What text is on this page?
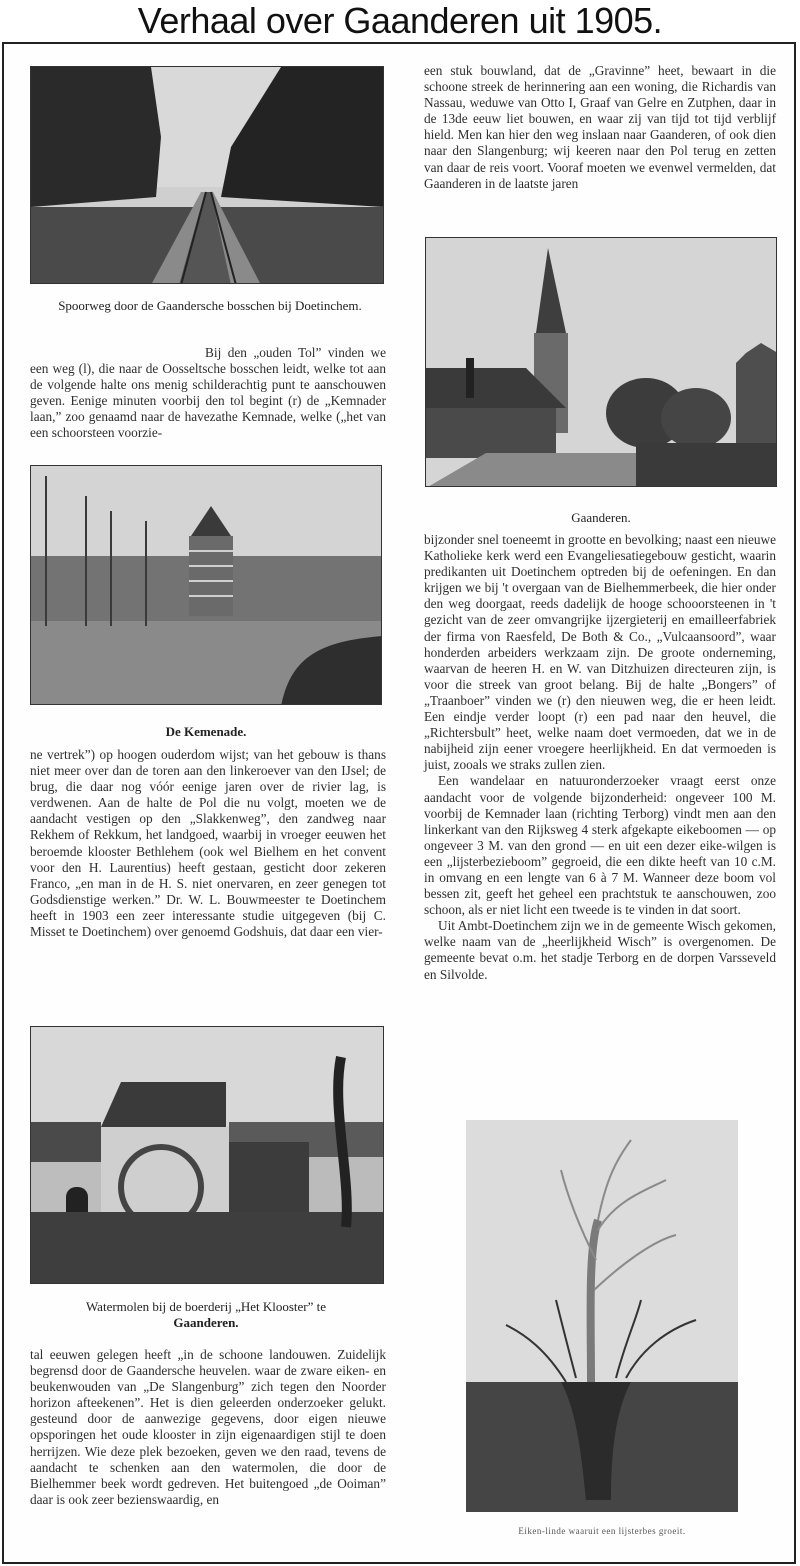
Verhaal over Gaanderen uit 1905.
Spoorweg door de Gaandersche bosschen bij Doetinchem.

Bij den „ouden Tol” vinden we een weg (l), die naar de Oosseltsche bosschen leidt, welke tot aan de volgende halte ons menig schilderachtig punt te aanschouwen geven. Eenige minuten voorbij den tol begint (r) de „Kemnader laan,” zoo genaamd naar de havezathe Kemnade, welke („het van een schoorsteen voorzie-

De Kemenade.

ne vertrek”) op hoogen ouderdom wijst; van het gebouw is thans niet meer over dan de toren aan den linkeroever van den IJsel; de brug, die daar nog vóór eenige jaren over de rivier lag, is verdwenen. Aan de halte de Pol die nu volgt, moeten we de aandacht vestigen op den „Slakkenweg”, den zandweg naar Rekhem of Rekkum, het landgoed, waarbij in vroeger eeuwen het beroemde klooster Bethlehem (ook wel Bielhem en het convent voor den H. Laurentius) heeft gestaan, gesticht door zekeren Franco, „en man in de H. S. niet onervaren, en zeer genegen tot Godsdienstige werken.” Dr. W. L. Bouwmeester te Doetinchem heeft in 1903 een zeer interessante studie uitgegeven (bij C. Misset te Doetinchem) over genoemd Godshuis, dat daar een vier-

Watermolen bij de boerderij „Het Klooster” te
Gaanderen.

tal eeuwen gelegen heeft „in de schoone landouwen. Zuidelijk begrensd door de Gaandersche heuvelen. waar de zware eiken- en beukenwouden van „De Slangenburg” zich tegen den Noorder horizon afteekenen”. Het is dien geleerden onderzoeker gelukt. gesteund door de aanwezige gegevens, door eigen nieuwe opsporingen het oude klooster in zijn eigenaardigen stijl te doen herrijzen. Wie deze plek bezoeken, geven we den raad, tevens de aandacht te schenken aan den watermolen, die door de Bielhemmer beek wordt gedreven. Het buitengoed „de Ooiman” daar is ook zeer bezienswaardig, en

een stuk bouwland, dat de „Gravinne” heet, bewaart in die schoone streek de herinnering aan een woning, die Richardis van Nassau, weduwe van Otto I, Graaf van Gelre en Zutphen, daar in de 13de eeuw liet bouwen, en waar zij van tijd tot tijd verblijf hield. Men kan hier den weg inslaan naar Gaanderen, of ook dien naar den Slangenburg; wij keeren naar den Pol terug en zetten van daar de reis voort. Vooraf moeten we evenwel vermelden, dat Gaanderen in de laatste jaren

Gaanderen.

bijzonder snel toeneemt in grootte en bevolking; naast een nieuwe Katholieke kerk werd een Evangeliesatiegebouw gesticht, waarin predikanten uit Doetinchem optreden bij de oefeningen. En dan krijgen we bij 't overgaan van de Bielhemmerbeek, die hier onder den weg doorgaat, reeds dadelijk de hooge schooorsteenen in 't gezicht van de zeer omvangrijke ijzergieterij en emailleerfabriek der firma von Raesfeld, De Both & Co., „Vulcaansoord”, waar honderden arbeiders werkzaam zijn. De groote onderneming, waarvan de heeren H. en W. van Ditzhuizen directeuren zijn, is voor die streek van groot belang. Bij de halte „Bongers” of „Traanboer” vinden we (r) den nieuwen weg, die er heen leidt. Een eindje verder loopt (r) een pad naar den heuvel, die „Richtersbult” heet, welke naam doet vermoeden, dat we in de nabijheid zijn eener vroegere heerlijkheid. En dat vermoeden is juist, zooals we straks zullen zien.

Een wandelaar en natuuronderzoeker vraagt eerst onze aandacht voor de volgende bijzonderheid: ongeveer 100 M. voorbij de Kemnader laan (richting Terborg) vindt men aan den linkerkant van den Rijksweg 4 sterk afgekapte eikeboomen — op ongeveer 3 M. van den grond — en uit een dezer eike-wilgen is een „lijsterbezieboom” gegroeid, die een dikte heeft van 10 c.M. in omvang en een lengte van 6 à 7 M. Wanneer deze boom vol bessen zit, geeft het geheel een prachtstuk te aanschouwen, zoo schoon, als er niet licht een tweede is te vinden in dat soort.

Uit Ambt-Doetinchem zijn we in de gemeente Wisch gekomen, welke naam van de „heerlijkheid Wisch” is overgenomen. De gemeente bevat o.m. het stadje Terborg en de dorpen Varsseveld en Silvolde.

Eiken-linde waaruit een lijsterbes groeit.
